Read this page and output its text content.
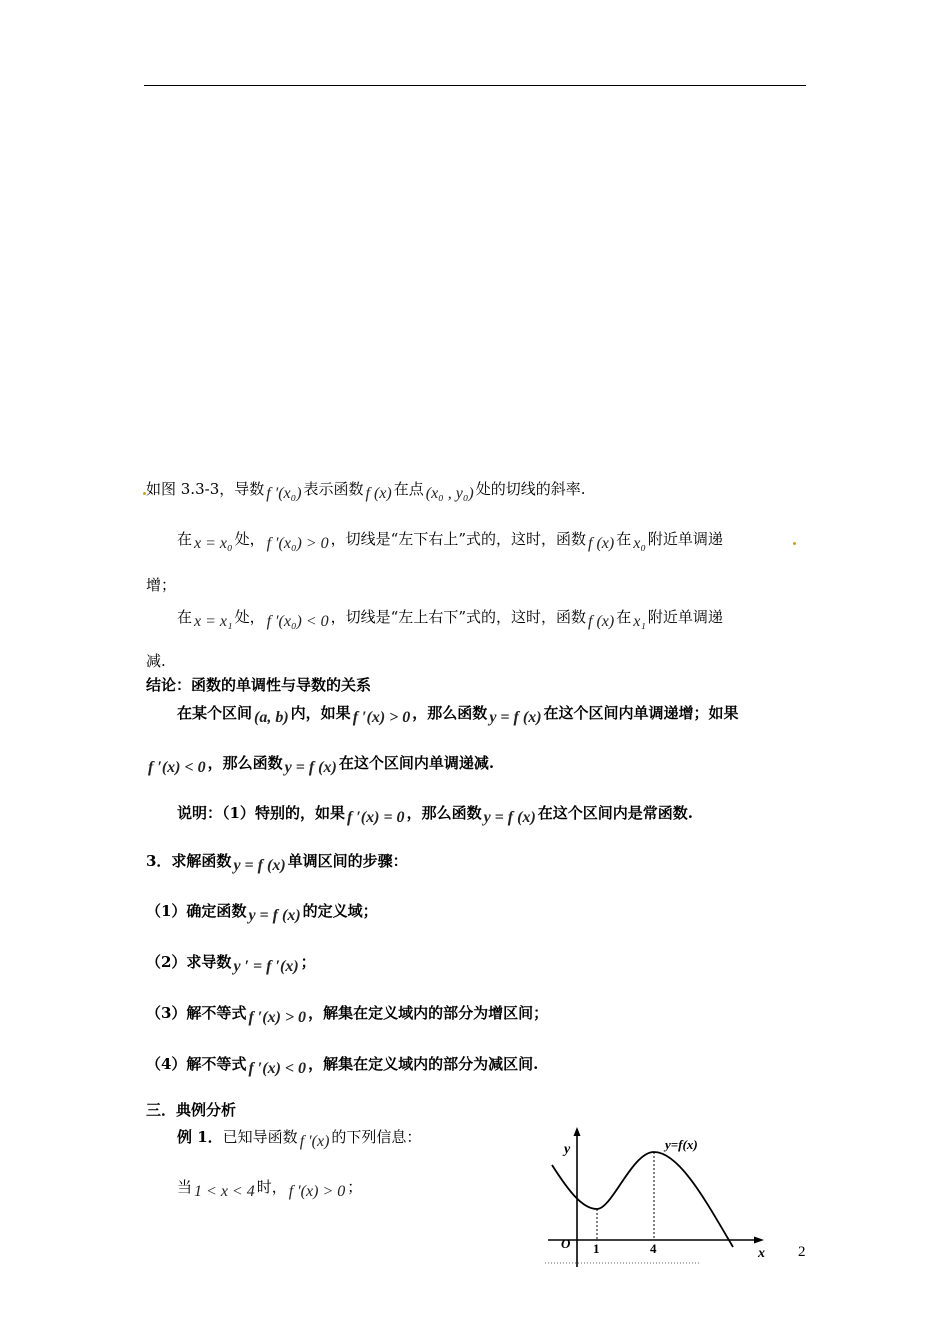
如图 3.3-3，导数 f ′(x₀) 表示函数 f (x) 在点 (x₀ , y₀) 处的切线的斜率.
在 x = x₀ 处， f ′(x₀) > 0 ，切线是“左下右上”式的，这时，函数 f (x) 在 x₀ 附近单调递
增；
在 x = x₁ 处， f ′(x₀) < 0 ，切线是“左上右下”式的，这时，函数 f (x) 在 x₁ 附近单调递
减.
结论：函数的单调性与导数的关系
在某个区间 (a, b) 内，如果 f ′(x) > 0 ，那么函数 y = f (x) 在这个区间内单调递增；如果
f ′(x) < 0 ，那么函数 y = f (x) 在这个区间内单调递减.
说明：（1）特别的，如果 f ′(x) = 0 ，那么函数 y = f (x) 在这个区间内是常函数.
3．求解函数 y = f (x) 单调区间的步骤：
（1）确定函数 y = f (x) 的定义域；
（2）求导数 y ′ = f ′(x) ；
（3）解不等式 f ′(x) > 0 ，解集在定义域内的部分为增区间；
（4）解不等式 f ′(x) < 0 ，解集在定义域内的部分为减区间.
三．典例分析
例 1．已知导函数 f ′(x) 的下列信息：
当 1 < x < 4 时， f ′(x) > 0 ；
y
x
O 1	4
y=f(x)
2
